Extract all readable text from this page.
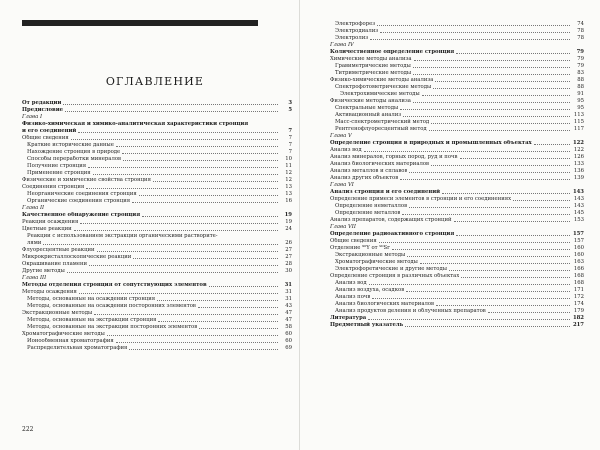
ОГЛАВЛЕНИЕ
От редакции	3
Предисловие	5
Глава I
Физико-химическая и химико-аналитическая характеристики стронция
и его соединений	7
Общие сведения	7
Краткие исторические данные	7
Нахождение стронция в природе	7
Способы переработки минералов	10
Получение стронция	11
Применение стронция	12
Физические и химические свойства стронция	12
Соединения стронция	13
Неорганические соединения стронция	13
Органические соединения стронция	16
Глава II
Качественное обнаружение стронция	19
Реакции осаждения	19
Цветные реакции	24
Реакции с использованием экстракции органическими растворите-
лями	26
Флуоресцентные реакции	27
Микрокристаллоскопические реакции	27
Окрашивание пламени	28
Другие методы	30
Глава III
Методы отделения стронция от сопутствующих элементов	31
Методы осаждения	31
Методы, основанные на осаждении стронция	31
Методы, основанные на осаждении посторонних элементов	43
Экстракционные методы	47
Методы, основанные на экстракции стронция	47
Методы, основанные на экстракции посторонних элементов	58
Хроматографические методы	60
Ионообменная хроматография	60
Распределительная хроматография	69
222
Электрофорез	74
Электродиализ	78
Электролиз	78
Глава IV
Количественное определение стронция	79
Химические методы анализа	79
Гравиметрические методы	79
Титриметрические методы	83
Физико-химические методы анализа	88
Спектрофотометрические методы	88
Электрохимические методы	91
Физические методы анализа	95
Спектральные методы	95
Активационный анализ	113
Масс-спектрометрический метод	115
Рентгенофлуоресцентный метод	117
Глава V
Определение стронция в природных и промышленных объектах	122
Анализ вод	122
Анализ минералов, горных пород, руд и почв	126
Анализ биологических материалов	133
Анализ металлов и сплавов	136
Анализ других объектов	139
Глава VI
Анализ стронция и его соединений	143
Определение примеси элементов в стронции и его соединениях	143
Определение неметаллов	143
Определение металлов	145
Анализ препаратов, содержащих стронций	153
Глава VII
Определение радиоактивного стронция	157
Общие сведения	157
Отделение ⁹⁰Y от ⁹⁰Sr	160
Экстракционные методы	160
Хроматографические методы	163
Электрофоретические и другие методы	166
Определение стронция в различных объектах	168
Анализ вод	168
Анализ воздуха, осадков	171
Анализ почв	172
Анализ биологических материалов	174
Анализ продуктов деления и облученных препаратов	179
Литература	182
Предметный указатель	217
